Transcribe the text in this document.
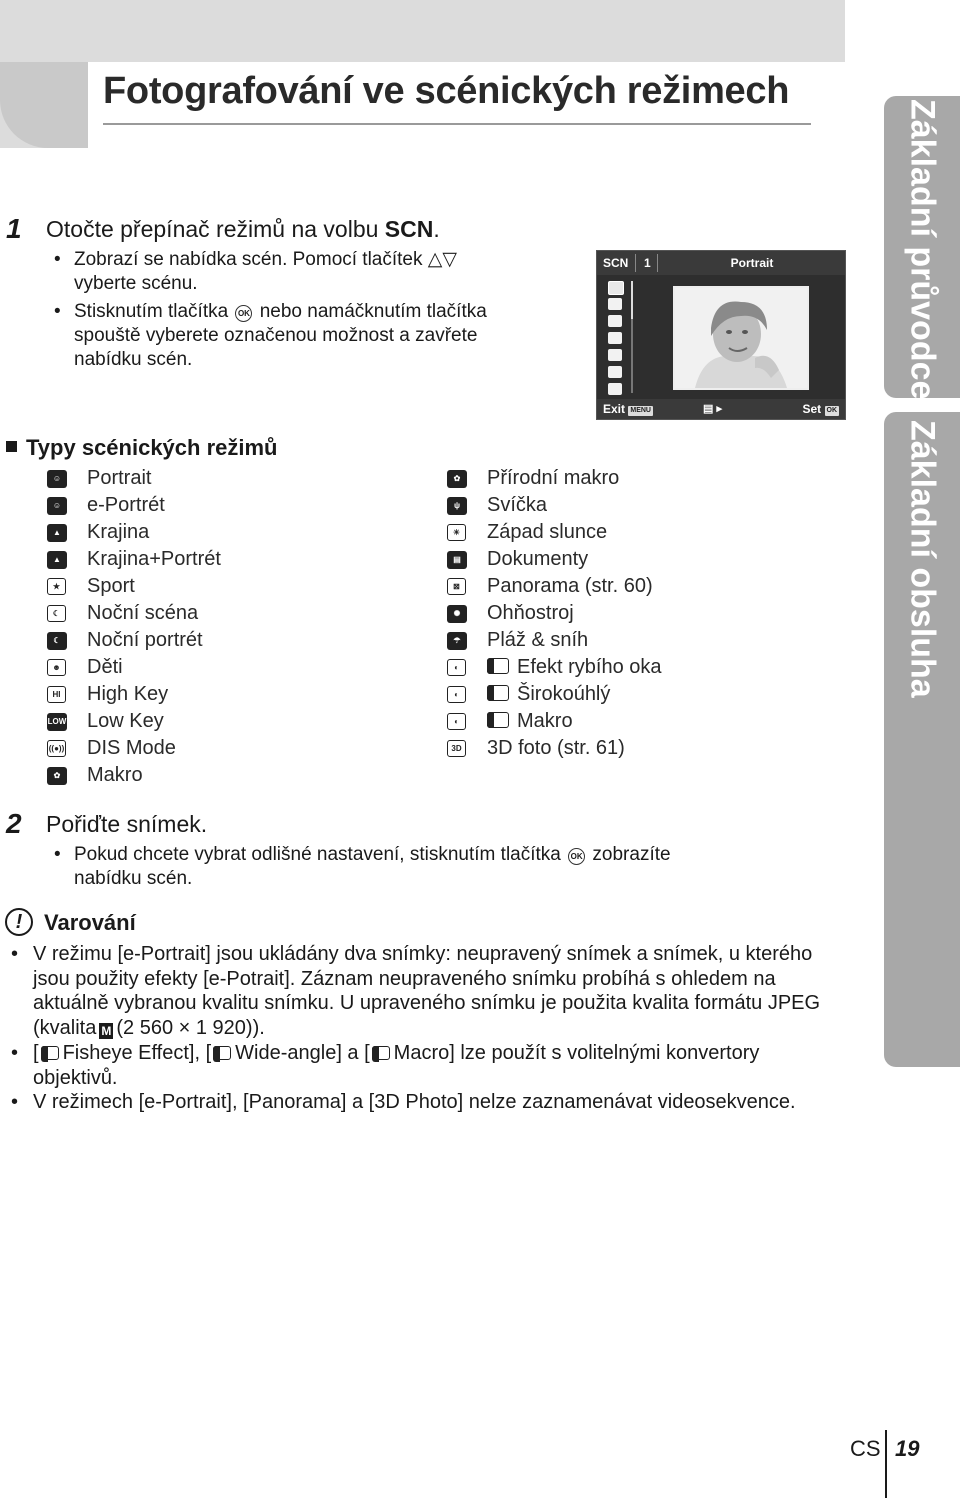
Fotografování ve scénických režimech
Základní průvodce
Základní obsluha
1 Otočte přepínač režimů na volbu SCN.
• Zobrazí se nabídka scén. Pomocí tlačítek △▽
vyberte scénu.
• Stisknutím tlačítka OK nebo namáčknutím tlačítka
spouště vyberete označenou možnost a zavřete
nabídku scén.
SCN 1	Portrait
Exit MENU	▤ ▸	Set OK
Typy scénických režimů
☺ Portrait
☺ e-Portrét
▲	Krajina
▲	Krajina+Portrét
★ Sport
☾ Noční scéna
☾	Noční portrét
☻ Děti
HI High Key
LOW Low Key
((●)) DIS Mode
✿	Makro
✿	Přírodní makro
ψ	Svíčka
☀ Západ slunce
▤	Dokumenty
⊠	Panorama (str. 60)
✺	Ohňostroj
☂	Pláž & sníh
◐	Efekt rybího oka
◐	Širokoúhlý
◐	Makro
3D 3D foto (str. 61)
2 Pořiďte snímek.
• Pokud chcete vybrat odlišné nastavení, stisknutím tlačítka OK zobrazíte
nabídku scén.
! Varování
• V režimu [e-Portrait] jsou ukládány dva snímky: neupravený snímek a snímek, u kterého
jsou použity efekty [e-Potrait]. Záznam neupraveného snímku probíhá s ohledem na
aktuálně vybranou kvalitu snímku. U upraveného snímku je použita kvalita formátu JPEG
(kvalita M (2 560 × 1 920)).
• [ Fisheye Effect], [ Wide-angle] a [ Macro] lze použít s volitelnými konvertory
objektivů.
• V režimech [e-Portrait], [Panorama] a [3D Photo] nelze zaznamenávat videosekvence.
CS 19
